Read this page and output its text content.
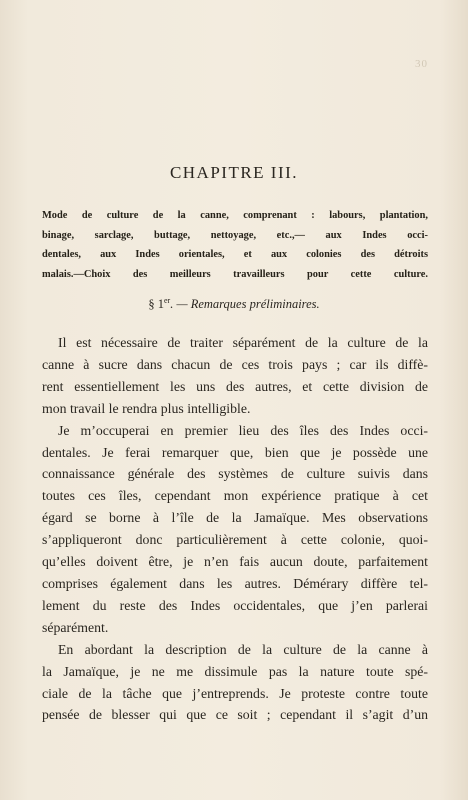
30
CHAPITRE III.
Mode de culture de la canne, comprenant : labours, plantation,
binage, sarclage, buttage, nettoyage, etc.,— aux Indes occi-
dentales, aux Indes orientales, et aux colonies des détroits
malais.—Choix des meilleurs travailleurs pour cette culture.
§ 1er. — Remarques préliminaires.

Il est nécessaire de traiter séparément de la culture de la
canne à sucre dans chacun de ces trois pays ; car ils diffè-
rent essentiellement les uns des autres, et cette division de
mon travail le rendra plus intelligible.

Je m’occuperai en premier lieu des îles des Indes occi-
dentales. Je ferai remarquer que, bien que je possède une
connaissance générale des systèmes de culture suivis dans
toutes ces îles, cependant mon expérience pratique à cet
égard se borne à l’île de la Jamaïque. Mes observations
s’appliqueront donc particulièrement à cette colonie, quoi-
qu’elles doivent être, je n’en fais aucun doute, parfaitement
comprises également dans les autres. Démérary diffère tel-
lement du reste des Indes occidentales, que j’en parlerai
séparément.

En abordant la description de la culture de la canne à
la Jamaïque, je ne me dissimule pas la nature toute spé-
ciale de la tâche que j’entreprends. Je proteste contre toute
pensée de blesser qui que ce soit ; cependant il s’agit d’un
